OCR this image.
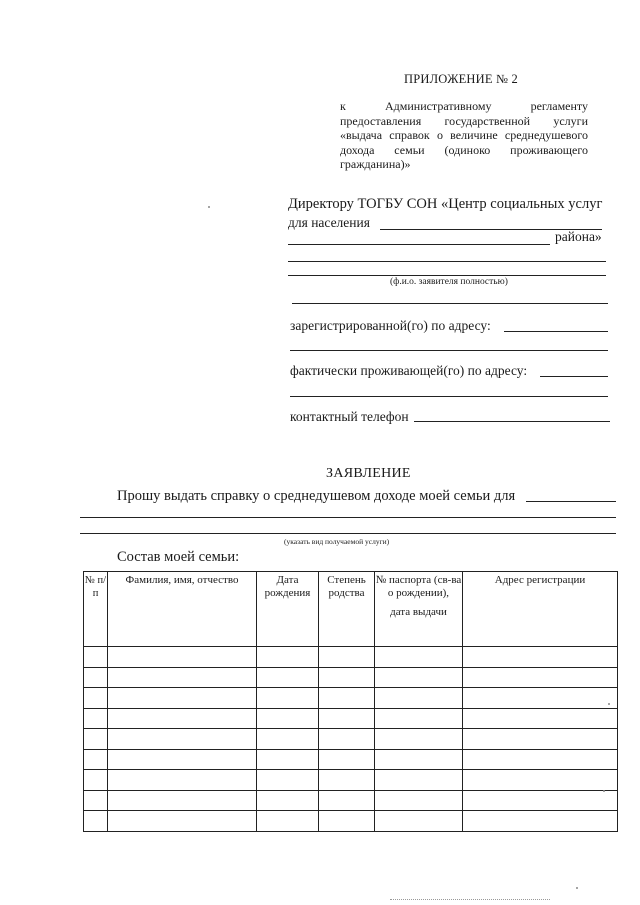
ПРИЛОЖЕНИЕ № 2
к Административному регламенту предоставления государственной услуги «выдача справок о величине среднедушевого дохода семьи (одиноко проживающего гражданина)»
Директору ТОГБУ СОН «Центр социальных услуг
для населения
района»
(ф.и.о. заявителя полностью)
зарегистрированной(го) по адресу:
фактически проживающей(го) по адресу:
контактный телефон
ЗАЯВЛЕНИЕ
Прошу выдать справку о среднедушевом доходе моей семьи для
(указать вид получаемой услуги)
Состав моей семьи:
№ п/п	Фамилия, имя, отчество	Дата рождения	Степень родства	№ паспорта (св-ва о рождении),
дата выдачи	Адрес регистрации
